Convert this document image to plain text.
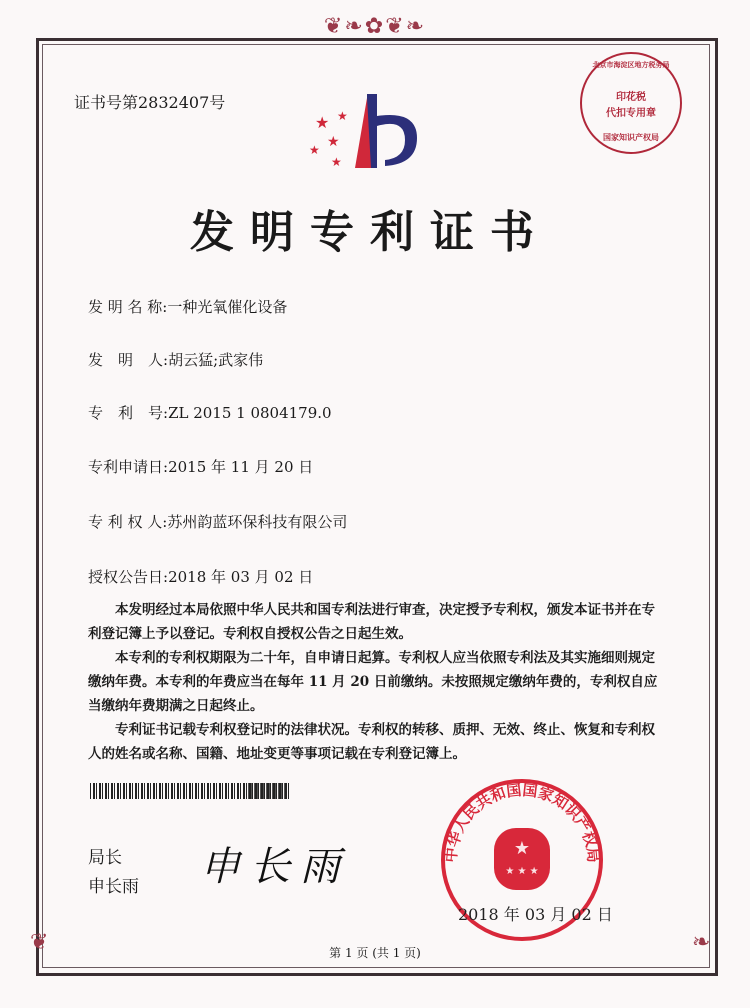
❦❧✿❦❧
❦	❧
证书号第2832407号
★
★
★
★
★
发明专利证书
发 明 名 称:一种光氧催化设备
发　明　人:胡云猛;武家伟
专　利　号:ZL 2015 1 0804179.0
专利申请日:2015 年 11 月 20 日
专 利 权 人:苏州韵蓝环保科技有限公司
授权公告日:2018 年 03 月 02 日

本发明经过本局依照中华人民共和国专利法进行审查，决定授予专利权，颁发本证书并在专利登记簿上予以登记。专利权自授权公告之日起生效。

本专利的专利权期限为二十年，自申请日起算。专利权人应当依照专利法及其实施细则规定缴纳年费。本专利的年费应当在每年 11 月 20 日前缴纳。未按照规定缴纳年费的，专利权自应当缴纳年费期满之日起终止。

专利证书记载专利权登记时的法律状况。专利权的转移、质押、无效、终止、恢复和专利权人的姓名或名称、国籍、地址变更等事项记载在专利登记簿上。

局长
申长雨 申长雨	中华人民共和国国家知识产权局
★
★ ★ ★
2018 年 03 月 02 日
北京市海淀区地方税务局
印花税
代扣专用章
国家知识产权局
第 1 页 (共 1 页)
